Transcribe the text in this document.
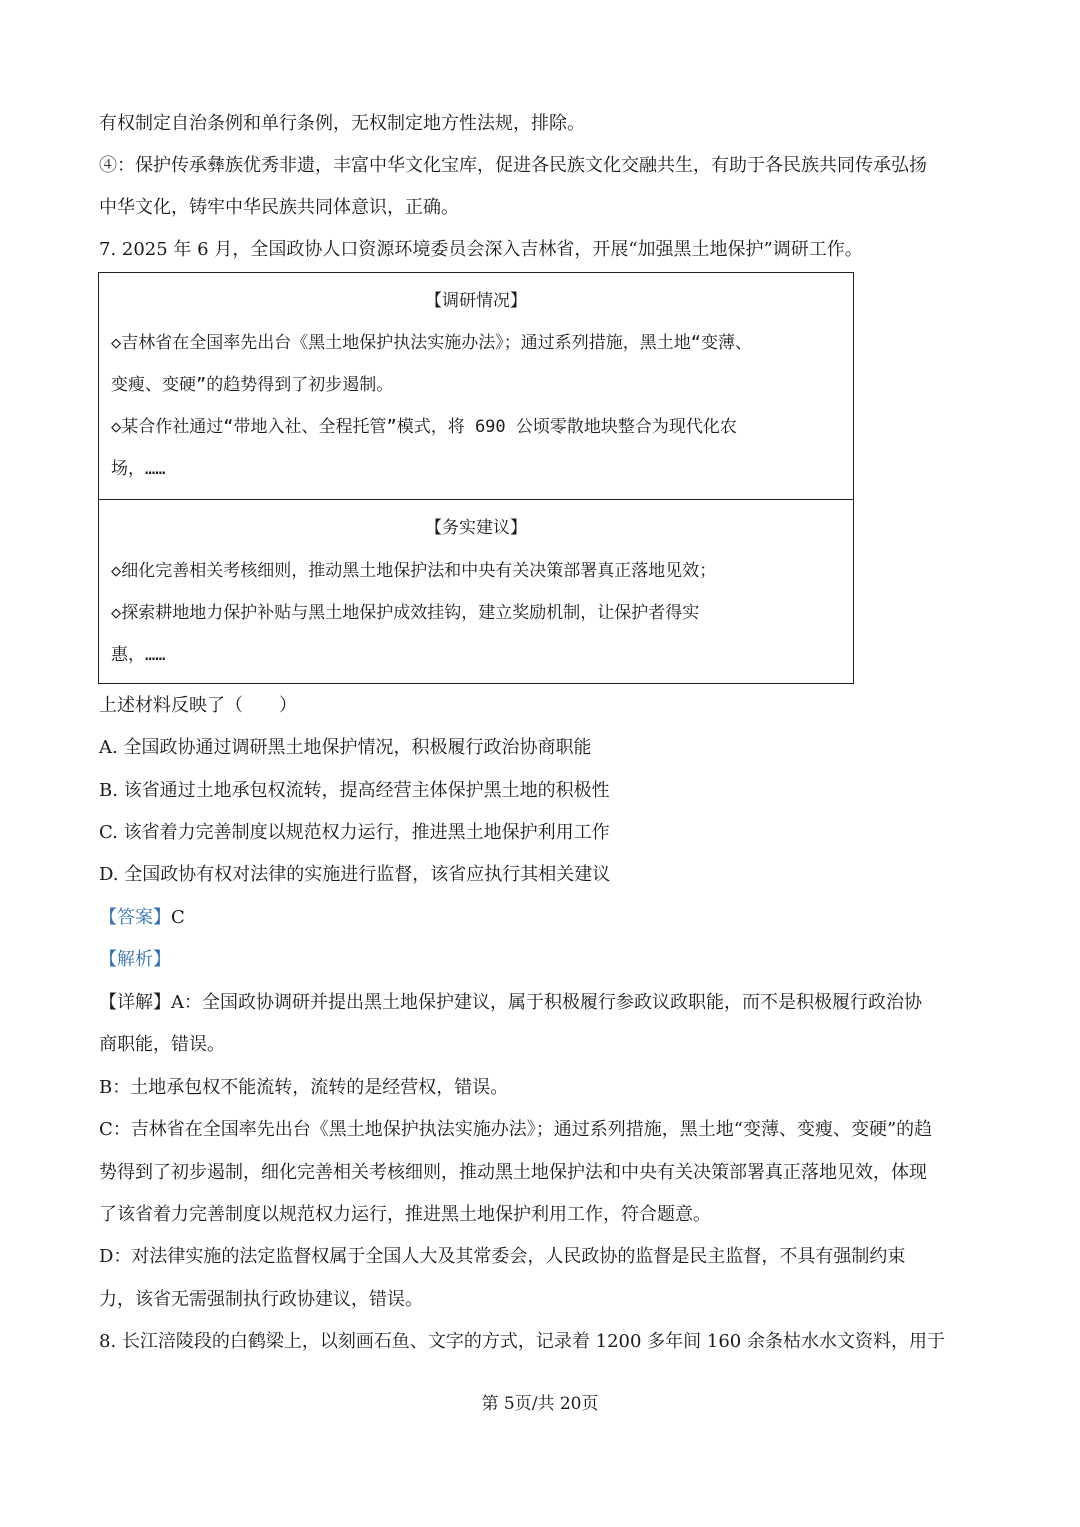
有权制定自治条例和单行条例，无权制定地方性法规，排除。

④：保护传承彝族优秀非遗，丰富中华文化宝库，促进各民族文化交融共生，有助于各民族共同传承弘扬

中华文化，铸牢中华民族共同体意识，正确。

7. 2025 年 6 月，全国政协人口资源环境委员会深入吉林省，开展“加强黑土地保护”调研工作。

【调研情况】

◇吉林省在全国率先出台《黑土地保护执法实施办法》；通过系列措施，黑土地“变薄、

变瘦、变硬”的趋势得到了初步遏制。

◇某合作社通过“带地入社、全程托管”模式，将 690 公顷零散地块整合为现代化农

场，……

【务实建议】

◇细化完善相关考核细则，推动黑土地保护法和中央有关决策部署真正落地见效；

◇探索耕地地力保护补贴与黑土地保护成效挂钩，建立奖励机制，让保护者得实

惠，……

上述材料反映了（　　）

A. 全国政协通过调研黑土地保护情况，积极履行政治协商职能

B. 该省通过土地承包权流转，提高经营主体保护黑土地的积极性

C. 该省着力完善制度以规范权力运行，推进黑土地保护利用工作

D. 全国政协有权对法律的实施进行监督，该省应执行其相关建议

【答案】C

【解析】

【详解】A：全国政协调研并提出黑土地保护建议，属于积极履行参政议政职能，而不是积极履行政治协

商职能，错误。

B：土地承包权不能流转，流转的是经营权，错误。

C：吉林省在全国率先出台《黑土地保护执法实施办法》；通过系列措施，黑土地“变薄、变瘦、变硬”的趋

势得到了初步遏制，细化完善相关考核细则，推动黑土地保护法和中央有关决策部署真正落地见效，体现

了该省着力完善制度以规范权力运行，推进黑土地保护利用工作，符合题意。

D：对法律实施的法定监督权属于全国人大及其常委会，人民政协的监督是民主监督，不具有强制约束

力，该省无需强制执行政协建议，错误。

8. 长江涪陵段的白鹤梁上，以刻画石鱼、文字的方式，记录着 1200 多年间 160 余条枯水水文资料，用于

第 5页/共 20页
